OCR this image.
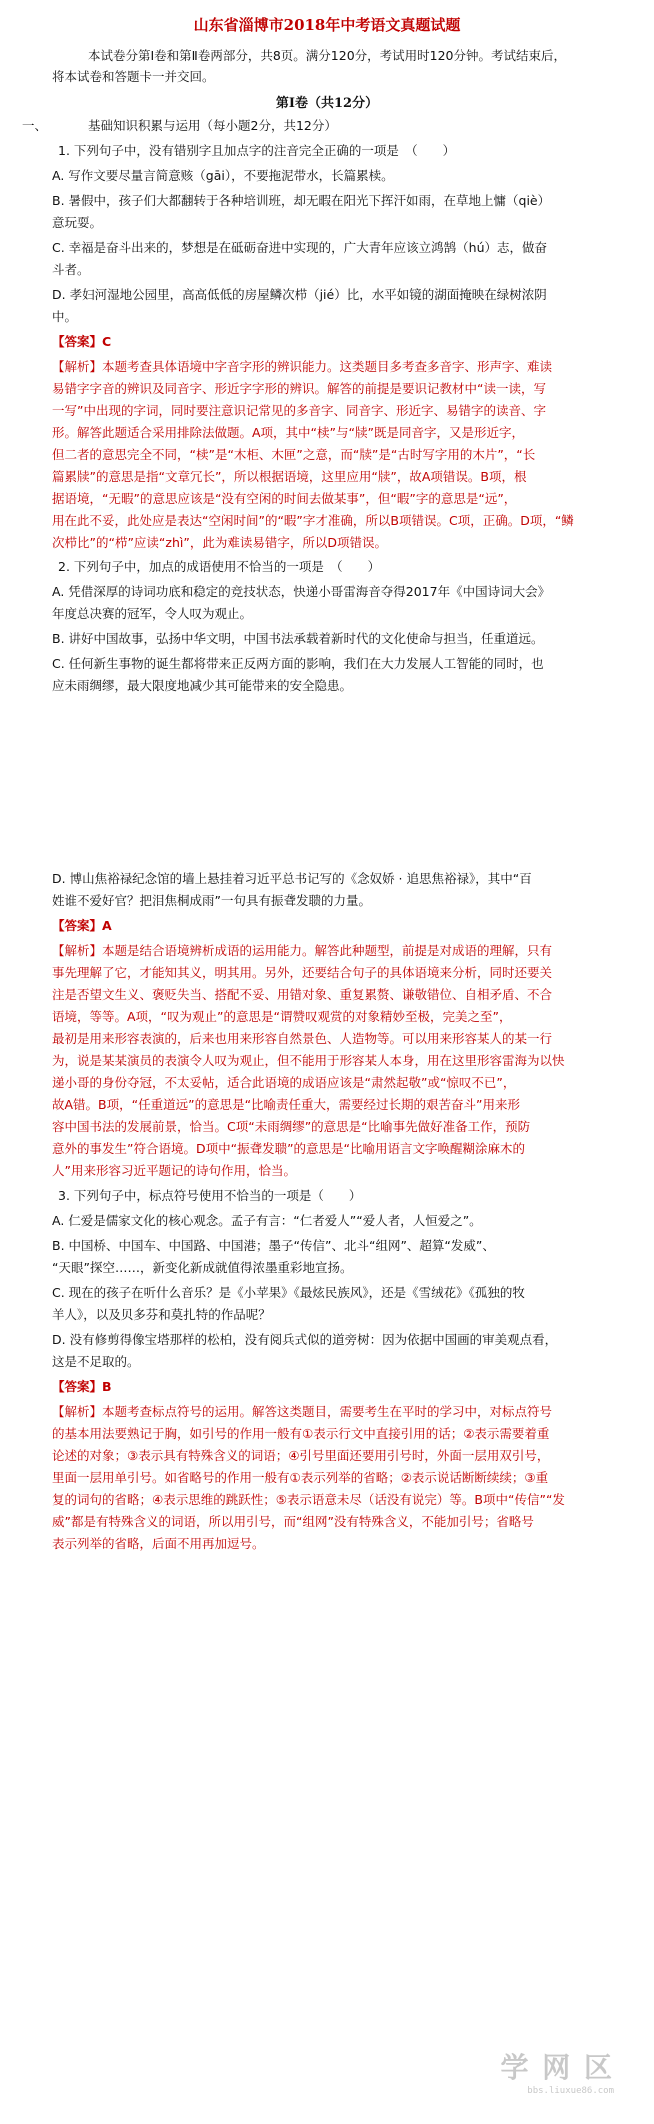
山东省淄博市2018年中考语文真题试题
本试卷分第Ⅰ卷和第Ⅱ卷两部分，共8页。满分120分，考试用时120分钟。考试结束后，
将本试卷和答题卡一并交回。
第Ⅰ卷（共12分）
一、	基础知识积累与运用（每小题2分，共12分）
1. 下列句子中，没有错别字且加点字的注音完全正确的一项是　（　　）
A. 写作文要尽量言简意赅（gāi），不要拖泥带水，长篇累椟。
B. 暑假中，孩子们大都翻转于各种培训班，却无暇在阳光下挥汗如雨，在草地上慵（qiè）
意玩耍。
C. 幸福是奋斗出来的，梦想是在砥砺奋进中实现的，广大青年应该立鸿鹄（hú）志，做奋
斗者。
D. 孝妇河湿地公园里，高高低低的房屋鳞次栉（jié）比，水平如镜的湖面掩映在绿树浓阴
中。
【答案】C
【解析】本题考查具体语境中字音字形的辨识能力。这类题目多考查多音字、形声字、难读
易错字字音的辨识及同音字、形近字字形的辨识。解答的前提是要识记教材中“读一读，写
一写”中出现的字词，同时要注意识记常见的多音字、同音字、形近字、易错字的读音、字
形。解答此题适合采用排除法做题。A项，其中“椟”与“牍”既是同音字，又是形近字，
但二者的意思完全不同，“椟”是“木柜、木匣”之意，而“牍”是“古时写字用的木片”，“长
篇累牍”的意思是指“文章冗长”，所以根据语境，这里应用“牍”，故A项错误。B项，根
据语境，“无暇”的意思应该是“没有空闲的时间去做某事”，但“暇”字的意思是“远”，
用在此不妥，此处应是表达“空闲时间”的“暇”字才准确，所以B项错误。C项，正确。D项，“鳞
次栉比”的“栉”应读“zhì”，此为难读易错字，所以D项错误。
2. 下列句子中，加点的成语使用不恰当的一项是　（　　）
A. 凭借深厚的诗词功底和稳定的竞技状态，快递小哥雷海音夺得2017年《中国诗词大会》
年度总决赛的冠军，令人叹为观止。
B. 讲好中国故事，弘扬中华文明，中国书法承载着新时代的文化使命与担当，任重道远。
C. 任何新生事物的诞生都将带来正反两方面的影响，我们在大力发展人工智能的同时，也
应未雨绸缪，最大限度地减少其可能带来的安全隐患。
D. 博山焦裕禄纪念馆的墙上悬挂着习近平总书记写的《念奴娇 · 追思焦裕禄》，其中“百
姓谁不爱好官？把泪焦桐成雨”一句具有振聋发聩的力量。
【答案】A
【解析】本题是结合语境辨析成语的运用能力。解答此种题型，前提是对成语的理解，只有
事先理解了它，才能知其义，明其用。另外，还要结合句子的具体语境来分析，同时还要关
注是否望文生义、褒贬失当、搭配不妥、用错对象、重复累赘、谦敬错位、自相矛盾、不合
语境，等等。A项，“叹为观止”的意思是“谓赞叹观赏的对象精妙至极，完美之至”，
最初是用来形容表演的，后来也用来形容自然景色、人造物等。可以用来形容某人的某一行
为，说是某某演员的表演令人叹为观止，但不能用于形容某人本身，用在这里形容雷海为以快
递小哥的身份夺冠，不太妥帖，适合此语境的成语应该是“肃然起敬”或“惊叹不已”，
故A错。B项，“任重道远”的意思是“比喻责任重大，需要经过长期的艰苦奋斗”用来形
容中国书法的发展前景，恰当。C项“未雨绸缪”的意思是“比喻事先做好准备工作，预防
意外的事发生”符合语境。D项中“振聋发聩”的意思是“比喻用语言文字唤醒糊涂麻木的
人”用来形容习近平题记的诗句作用，恰当。
3. 下列句子中，标点符号使用不恰当的一项是（　　）
A. 仁爱是儒家文化的核心观念。孟子有言：“仁者爱人”“爱人者，人恒爱之”。
B. 中国桥、中国车、中国路、中国港；墨子“传信”、北斗“组网”、超算“发威”、
“天眼”探空……，新变化新成就值得浓墨重彩地宣扬。
C. 现在的孩子在听什么音乐？是《小苹果》《最炫民族风》，还是《雪绒花》《孤独的牧
羊人》，以及贝多芬和莫扎特的作品呢？
D. 没有修剪得像宝塔那样的松柏，没有阅兵式似的道旁树：因为依据中国画的审美观点看，
这是不足取的。
【答案】B
【解析】本题考查标点符号的运用。解答这类题目，需要考生在平时的学习中，对标点符号
的基本用法要熟记于胸，如引号的作用一般有①表示行文中直接引用的话；②表示需要着重
论述的对象；③表示具有特殊含义的词语；④引号里面还要用引号时，外面一层用双引号，
里面一层用单引号。如省略号的作用一般有①表示列举的省略；②表示说话断断续续；③重
复的词句的省略；④表示思维的跳跃性；⑤表示语意未尽（话没有说完）等。B项中“传信”“发
威”都是有特殊含义的词语，所以用引号，而“组网”没有特殊含义，不能加引号；省略号
表示列举的省略，后面不用再加逗号。
学 网 区
bbs.liuxue86.com
